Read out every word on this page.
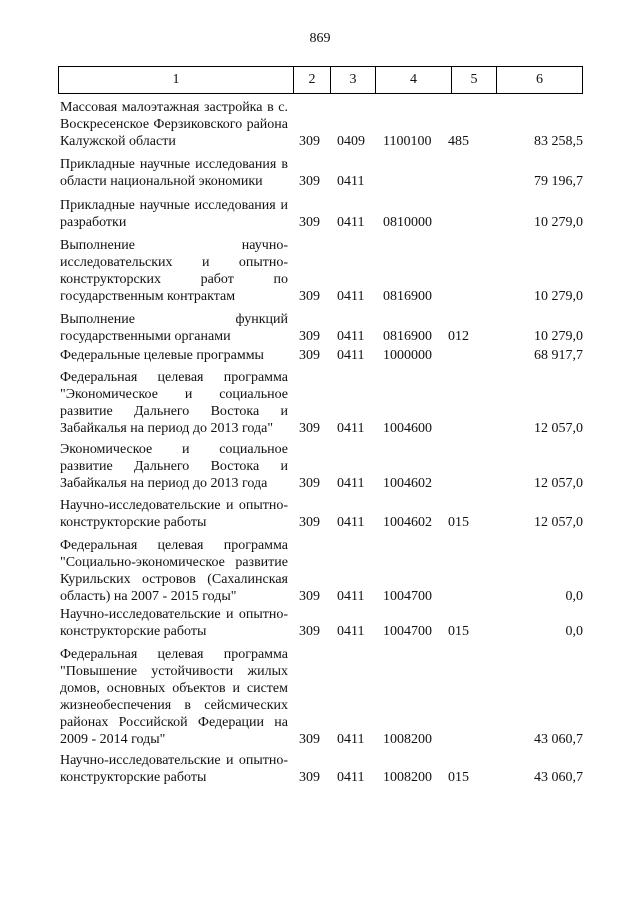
869
1	2	3	4	5	6
Массовая малоэтажная застройка в с. Воскресенское Ферзиковского района Калужской области	309 0409 1100100 485	83 258,5
Прикладные научные исследования в области национальной экономики	309 0411	79 196,7
Прикладные научные исследования и разработки	309 0411 0810000	10 279,0
Выполнение научно-исследовательских и опытно-конструкторских работ по государственным контрактам	309 0411 0816900	10 279,0
Выполнение функций государственными органами	309 0411 0816900 012	10 279,0
Федеральные целевые программы	309 0411 1000000	68 917,7
Федеральная целевая программа "Экономическое и социальное развитие Дальнего Востока и Забайкалья на период до 2013 года"	309 0411 1004600	12 057,0
Экономическое и социальное развитие Дальнего Востока и Забайкалья на период до 2013 года	309 0411 1004602	12 057,0
Научно-исследовательские и опытно-конструкторские работы	309 0411 1004602 015	12 057,0
Федеральная целевая программа "Социально-экономическое развитие Курильских островов (Сахалинская область) на 2007 - 2015 годы"	309 0411 1004700	0,0
Научно-исследовательские и опытно-конструкторские работы	309 0411 1004700 015	0,0
Федеральная целевая программа "Повышение устойчивости жилых домов, основных объектов и систем жизнеобеспечения в сейсмических районах Российской Федерации на 2009 - 2014 годы"	309 0411 1008200	43 060,7
Научно-исследовательские и опытно-конструкторские работы	309 0411 1008200 015	43 060,7
